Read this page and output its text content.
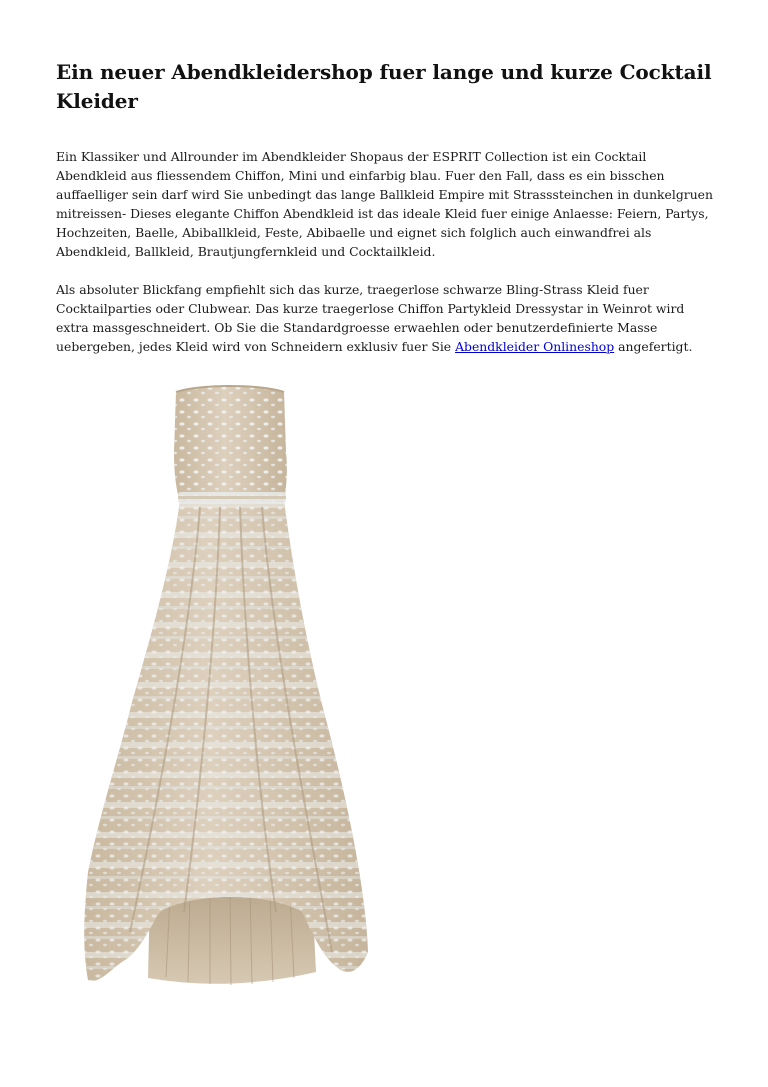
Ein neuer Abendkleidershop fuer lange und kurze Cocktail Kleider

Ein Klassiker und Allrounder im Abendkleider Shopaus der ESPRIT Collection ist ein Cocktail Abendkleid aus fliessendem Chiffon, Mini und einfarbig blau. Fuer den Fall, dass es ein bisschen auffaelliger sein darf wird Sie unbedingt das lange Ballkleid Empire mit Strasssteinchen in dunkelgruen mitreissen- Dieses elegante Chiffon Abendkleid ist das ideale Kleid fuer einige Anlaesse: Feiern, Partys, Hochzeiten, Baelle, Abiballkleid, Feste, Abibaelle und eignet sich folglich auch einwandfrei als Abendkleid, Ballkleid, Brautjungfernkleid und Cocktailkleid.

Als absoluter Blickfang empfiehlt sich das kurze, traegerlose schwarze Bling-Strass Kleid fuer Cocktailparties oder Clubwear. Das kurze traegerlose Chiffon Partykleid Dressystar in Weinrot wird extra massgeschneidert. Ob Sie die Standardgroesse erwaehlen oder benutzerdefinierte Masse uebergeben, jedes Kleid wird von Schneidern exklusiv fuer Sie Abendkleider Onlineshop angefertigt.
